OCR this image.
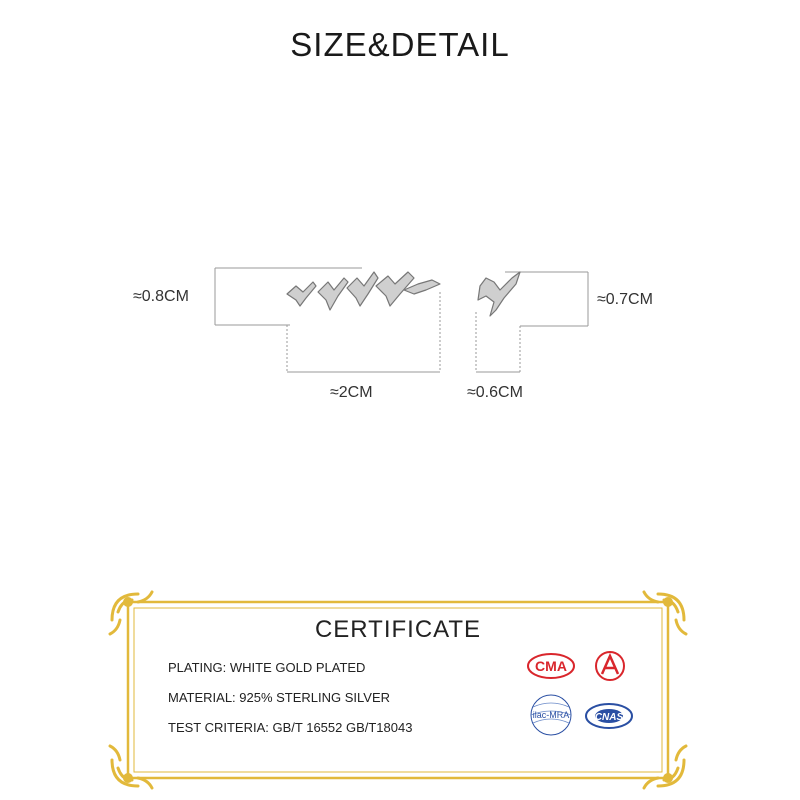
SIZE&DETAIL
≈0.8CM
≈2CM
≈0.7CM
≈0.6CM
CERTIFICATE
PLATING: WHITE GOLD PLATED
MATERIAL: 925% STERLING SILVER
TEST CRITERIA: GB/T 16552 GB/T18043
CMA
ilac-MRA	CNAS
